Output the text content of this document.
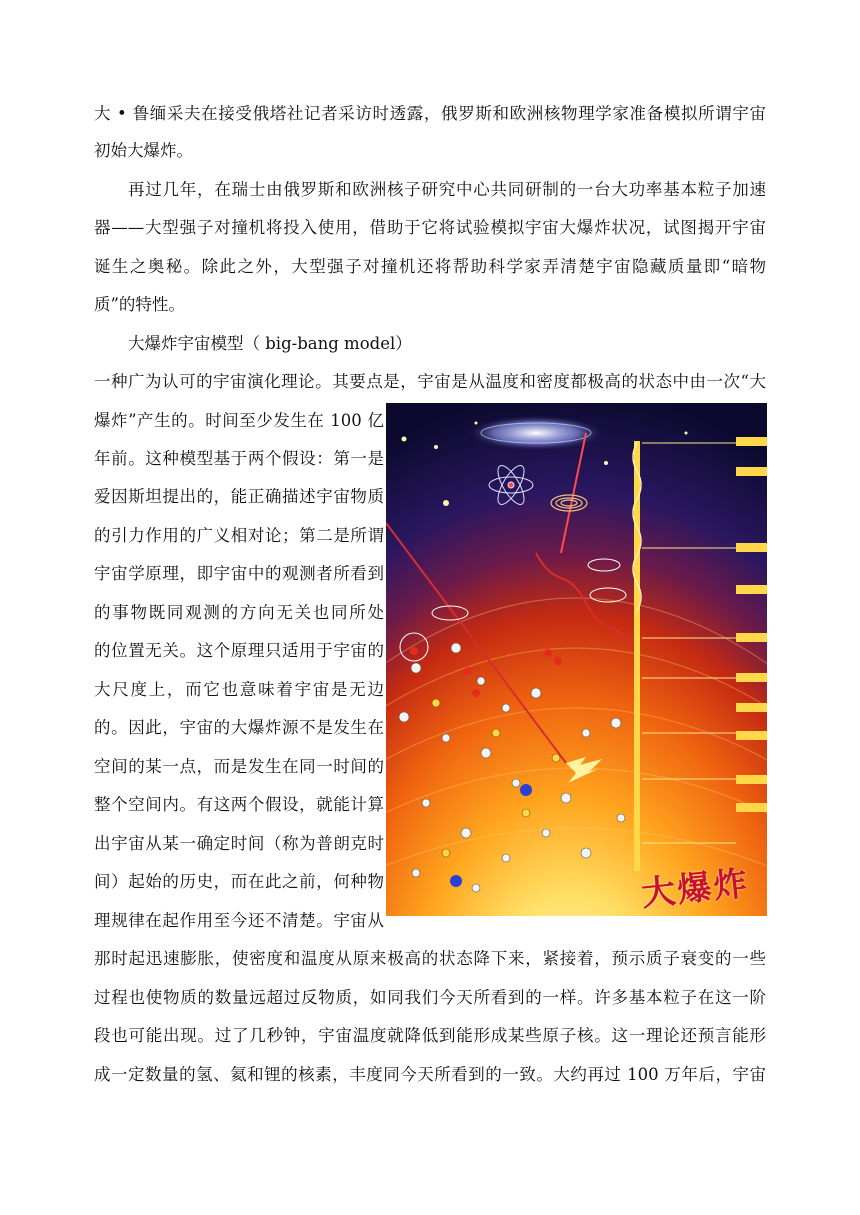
大 • 鲁缅采夫在接受俄塔社记者采访时透露，俄罗斯和欧洲核物理学家准备模拟所谓宇宙
初始大爆炸。
再过几年，在瑞士由俄罗斯和欧洲核子研究中心共同研制的一台大功率基本粒子加速
器——大型强子对撞机将投入使用，借助于它将试验模拟宇宙大爆炸状况，试图揭开宇宙
诞生之奥秘。除此之外，大型强子对撞机还将帮助科学家弄清楚宇宙隐藏质量即“暗物
质”的特性。
大爆炸宇宙模型（ big-bang model）
一种广为认可的宇宙演化理论。其要点是，宇宙是从温度和密度都极高的状态中由一次“大
爆炸”产生的。时间至少发生在 100 亿
年前。这种模型基于两个假设：第一是
爱因斯坦提出的，能正确描述宇宙物质
的引力作用的广义相对论；第二是所谓
宇宙学原理，即宇宙中的观测者所看到
的事物既同观测的方向无关也同所处
的位置无关。这个原理只适用于宇宙的
大尺度上，而它也意味着宇宙是无边
的。因此，宇宙的大爆炸源不是发生在
空间的某一点，而是发生在同一时间的
整个空间内。有这两个假设，就能计算
出宇宙从某一确定时间（称为普朗克时
间）起始的历史，而在此之前，何种物
理规律在起作用至今还不清楚。宇宙从
那时起迅速膨胀，使密度和温度从原来极高的状态降下来，紧接着，预示质子衰变的一些
过程也使物质的数量远超过反物质，如同我们今天所看到的一样。许多基本粒子在这一阶
段也可能出现。过了几秒钟，宇宙温度就降低到能形成某些原子核。这一理论还预言能形
成一定数量的氢、氦和锂的核素，丰度同今天所看到的一致。大约再过 100 万年后，宇宙
大爆炸
